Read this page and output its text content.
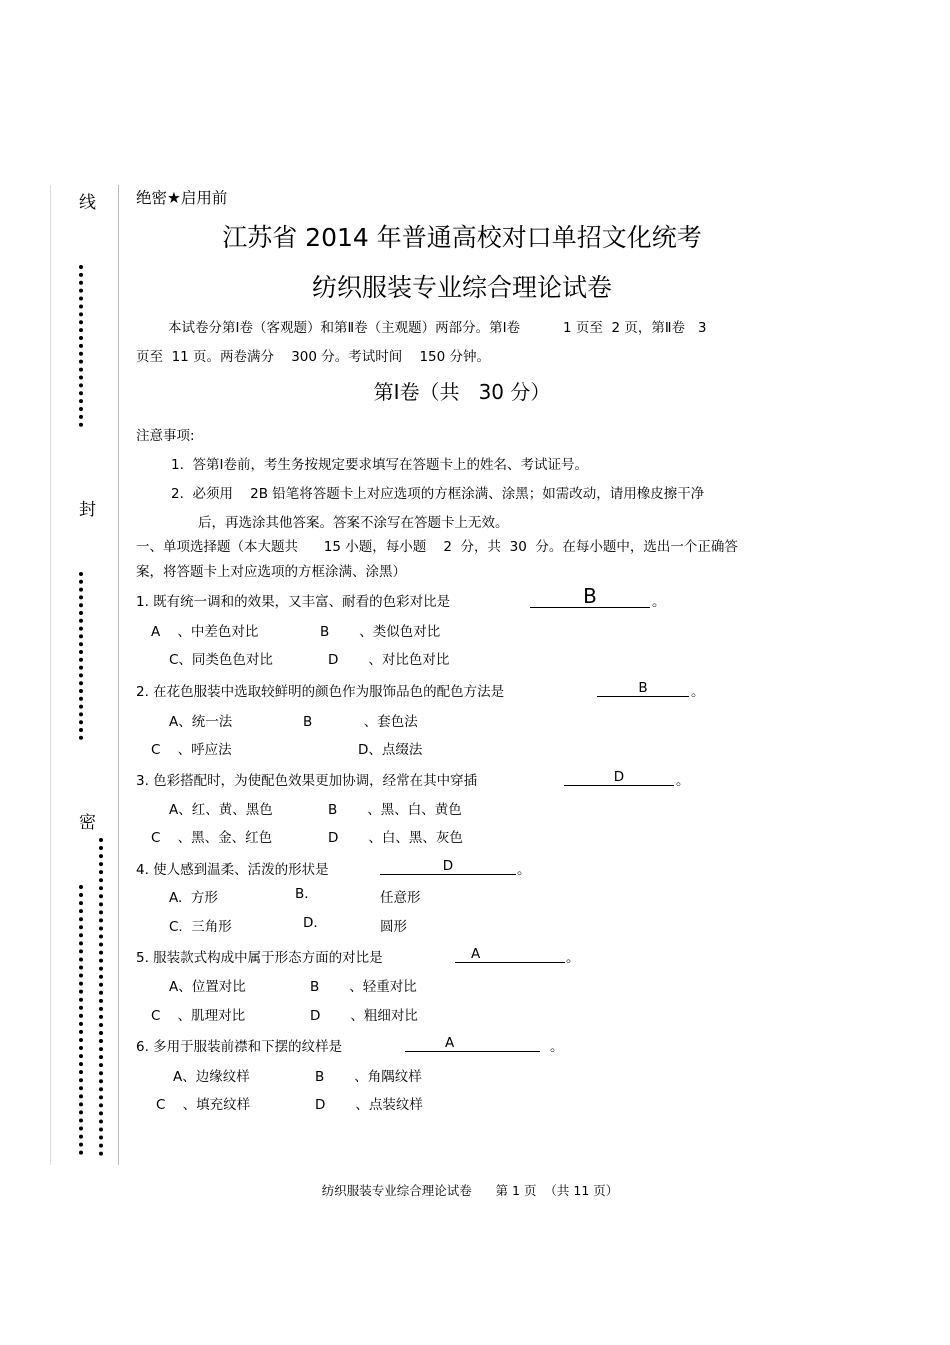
线
封
密
绝密★启用前
江苏省 2014 年普通高校对口单招文化统考
纺织服装专业综合理论试卷
本试卷分第Ⅰ卷（客观题）和第Ⅱ卷（主观题）两部分。第Ⅰ卷          1 页至  2 页，第Ⅱ卷   3
页至  11 页。两卷满分    300 分。考试时间    150 分钟。
第Ⅰ卷（共   30 分）
注意事项:
1.  答第Ⅰ卷前，考生务按规定要求填写在答题卡上的姓名、考试证号。
2.  必须用    2B 铅笔将答题卡上对应选项的方框涂满、涂黑；如需改动，请用橡皮擦干净
后，再选涂其他答案。答案不涂写在答题卡上无效。
一、单项选择题（本大题共      15 小题，每小题    2  分，共  30  分。在每小题中，选出一个正确答
案，将答题卡上对应选项的方框涂满、涂黑）
1. 既有统一调和的效果，又丰富、耐看的色彩对比是	B	。
A    、中差色对比	B       、类似色对比
C、同类色色对比	D       、对比色对比
2. 在花色服装中选取较鲜明的颜色作为服饰品色的配色方法是	B	。
A、统一法	B            、套色法
C    、呼应法	D、点缀法
3. 色彩搭配时，为使配色效果更加协调，经常在其中穿插	D	。
A、红、黄、黑色	B       、黑、白、黄色
C    、黑、金、红色	D       、白、黑、灰色
4. 使人感到温柔、活泼的形状是	D	。
A.  方形	B.	任意形
C.  三角形	D.	圆形
5. 服装款式构成中属于形态方面的对比是	A	。
A、位置对比	B       、轻重对比
C    、肌理对比	D       、粗细对比
6. 多用于服装前襟和下摆的纹样是	A	。
A、边缘纹样	B       、角隅纹样
C    、填充纹样	D       、点装纹样
纺织服装专业综合理论试卷      第 1 页  （共 11 页）
